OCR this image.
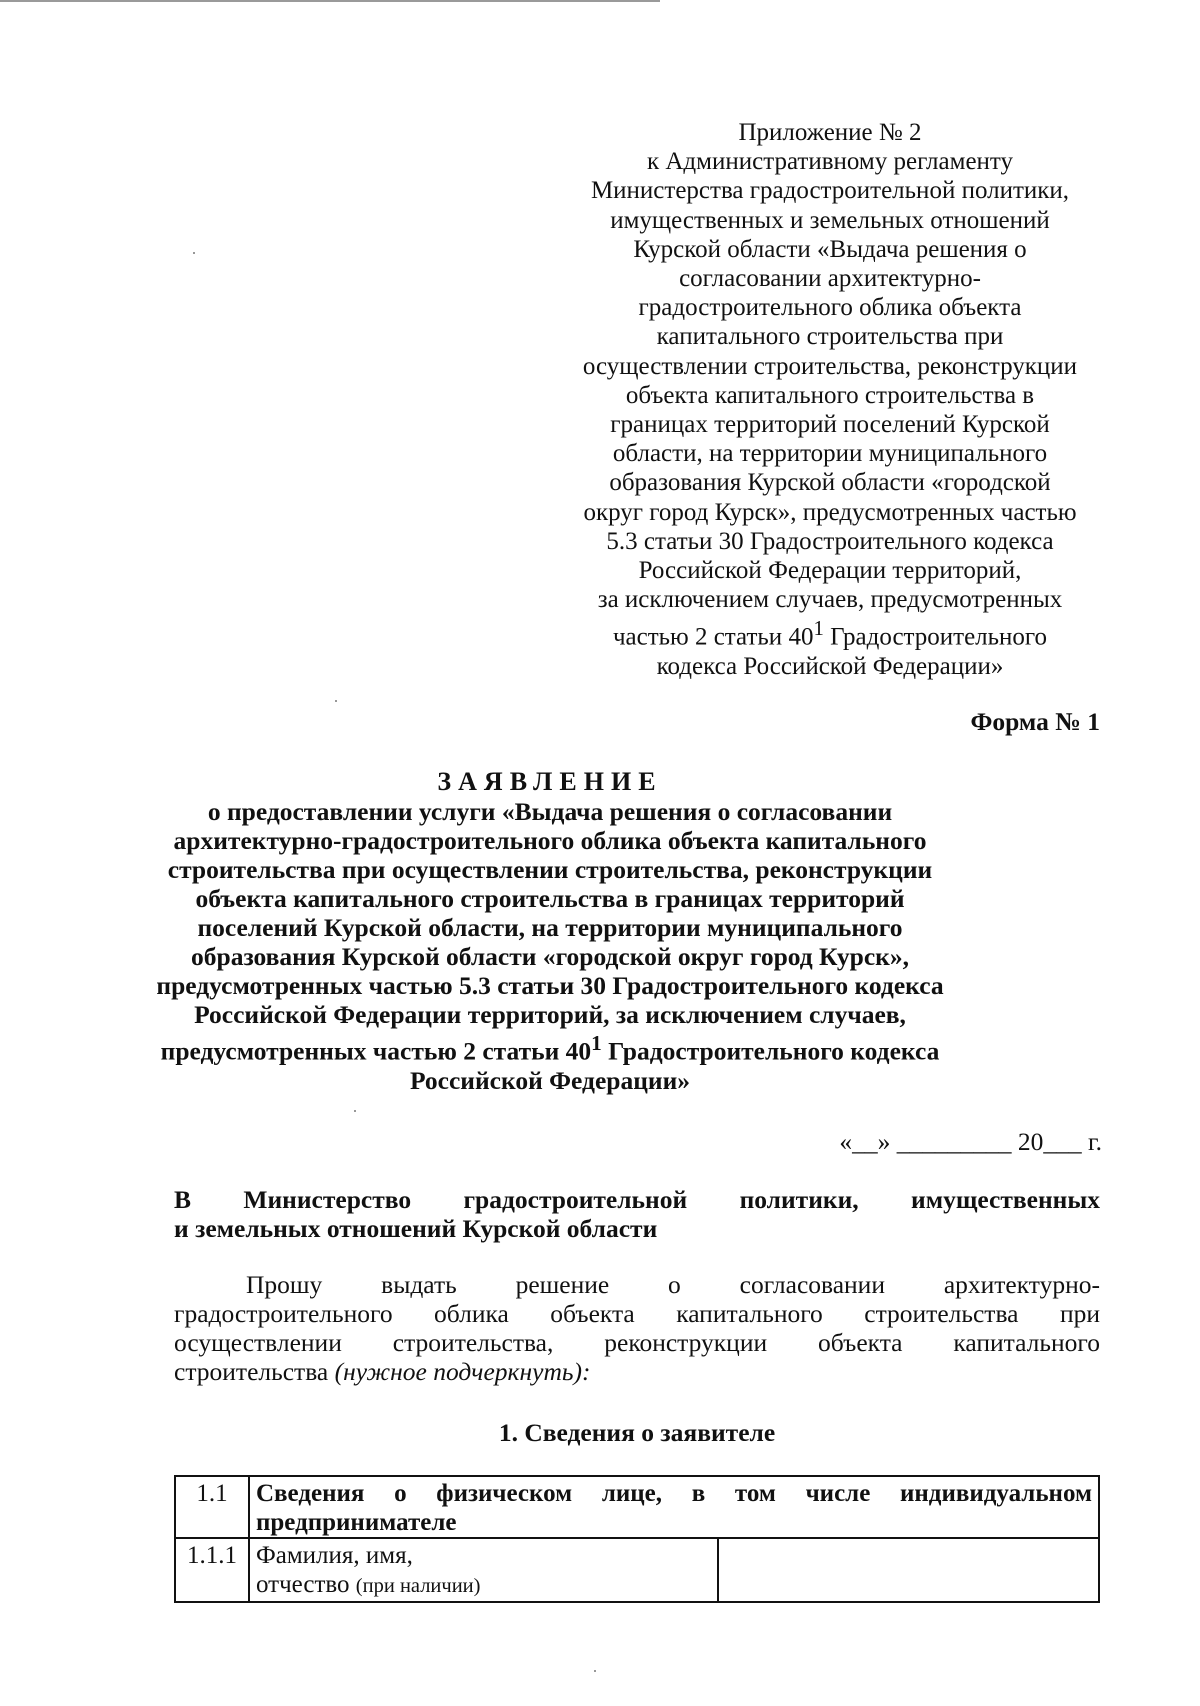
Приложение № 2
к Административному регламенту
Министерства градостроительной политики,
имущественных и земельных отношений
Курской области «Выдача решения о
согласовании архитектурно-
градостроительного облика объекта
капитального строительства при
осуществлении строительства, реконструкции
объекта капитального строительства в
границах территорий поселений Курской
области, на территории муниципального
образования Курской области «городской
округ город Курск», предусмотренных частью
5.3 статьи 30 Градостроительного кодекса
Российской Федерации территорий,
за исключением случаев, предусмотренных
частью 2 статьи $40^1$ Градостроительного
кодекса Российской Федерации»
Форма № 1
ЗАЯВЛЕНИЕ
о предоставлении услуги «Выдача решения о согласовании
архитектурно-градостроительного облика объекта капитального
строительства при осуществлении строительства, реконструкции
объекта капитального строительства в границах территорий
поселений Курской области, на территории муниципального
образования Курской области «городской округ город Курск»,
предусмотренных частью 5.3 статьи 30 Градостроительного кодекса
Российской Федерации территорий, за исключением случаев,
предусмотренных частью 2 статьи $40^1$ Градостроительного кодекса
Российской Федерации»
«__» _________ 20___ г.
В Министерство градостроительной политики, имущественных
и земельных отношений Курской области
Прошу выдать решение о согласовании архитектурно-
градостроительного облика объекта капитального строительства при
осуществлении строительства, реконструкции объекта капитального
строительства (нужное подчеркнуть):
1. Сведения о заявителе
1.1	Сведения о физическом лице, в том числе индивидуальном
предпринимателе	
1.1.1	Фамилия, имя,
отчество (при наличии)	
